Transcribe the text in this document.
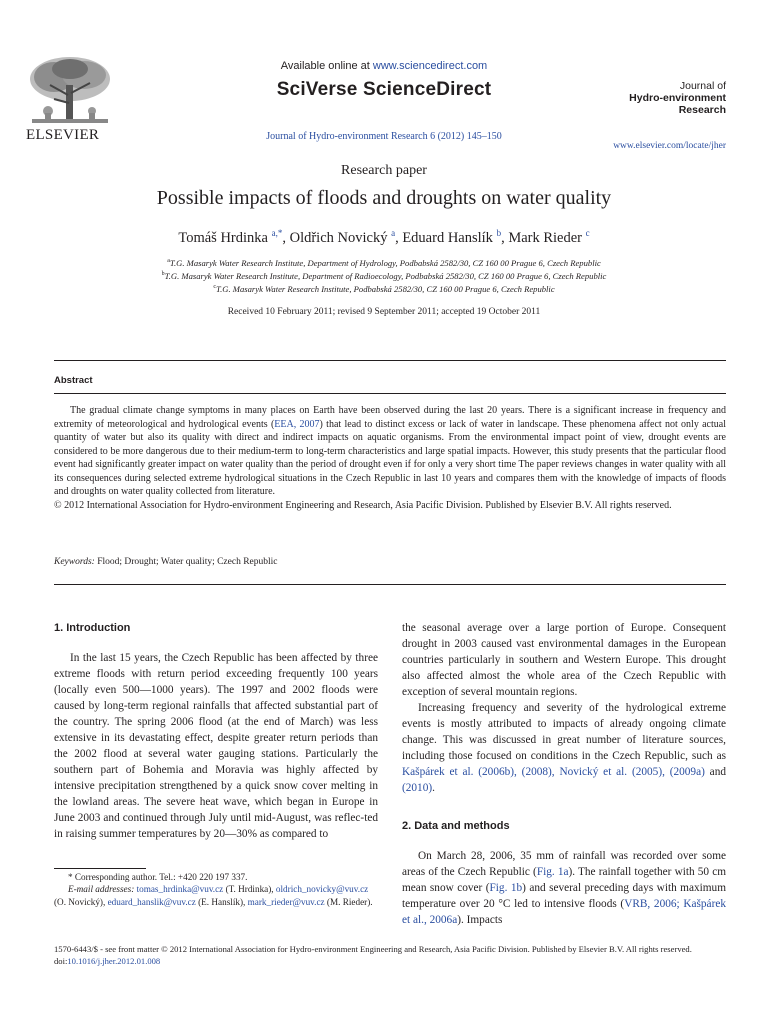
ELSEVIER
Available online at www.sciencedirect.com
SciVerse ScienceDirect
Journal of Hydro-environment Research 6 (2012) 145–150
Journal of
Hydro-environment
Research
www.elsevier.com/locate/jher
Research paper
Possible impacts of floods and droughts on water quality
Tomáš Hrdinka $^{a,*}$, Oldřich Novický $^a$, Eduard Hanslík $^b$, Mark Rieder $^c$
$^a$T.G. Masaryk Water Research Institute, Department of Hydrology, Podbabská 2582/30, CZ 160 00 Prague 6, Czech Republic
$^b$T.G. Masaryk Water Research Institute, Department of Radioecology, Podbabská 2582/30, CZ 160 00 Prague 6, Czech Republic
$^c$T.G. Masaryk Water Research Institute, Podbabská 2582/30, CZ 160 00 Prague 6, Czech Republic
Received 10 February 2011; revised 9 September 2011; accepted 19 October 2011
Abstract

The gradual climate change symptoms in many places on Earth have been observed during the last 20 years. There is a significant increase in frequency and extremity of meteorological and hydrological events (EEA, 2007) that lead to distinct excess or lack of water in landscape. These phenomena affect not only actual quantity of water but also its quality with direct and indirect impacts on aquatic organisms. From the environmental impact point of view, drought events are considered to be more dangerous due to their medium-term to long-term characteristics and large spatial impacts. However, this study presents that the particular flood event had significantly greater impact on water quality than the period of drought even if for only a very short time The paper reviews changes in water quality with all its consequences during selected extreme hydrological situations in the Czech Republic in last 10 years and compares them with the knowledge of impacts of floods and droughts on water quality collected from literature.

© 2012 International Association for Hydro-environment Engineering and Research, Asia Pacific Division. Published by Elsevier B.V. All rights reserved.

Keywords: Flood; Drought; Water quality; Czech Republic
1. Introduction

In the last 15 years, the Czech Republic has been affected by three extreme floods with return period exceeding frequently 100 years (locally even 500—1000 years). The 1997 and 2002 floods were caused by long-term regional rainfalls that affected substantial part of the country. The spring 2006 flood (at the end of March) was less extensive in its devastating effect, despite greater return periods than the 2002 flood at several water gauging stations. Particularly the southern part of Bohemia and Moravia was highly affected by intensive precipitation strengthened by a quick snow cover melting in the lowland areas. The severe heat wave, which began in Europe in June 2003 and continued through July until mid-August, was reflec-ted in raising summer temperatures by 20—30% as compared to

* Corresponding author. Tel.: +420 220 197 337.

E-mail addresses: tomas_hrdinka@vuv.cz (T. Hrdinka), oldrich_novicky@vuv.cz (O. Novický), eduard_hanslik@vuv.cz (E. Hanslík), mark_rieder@vuv.cz (M. Rieder).

the seasonal average over a large portion of Europe. Consequent drought in 2003 caused vast environmental damages in the European countries particularly in southern and Western Europe. This drought also affected almost the whole area of the Czech Republic with exception of several mountain regions.

Increasing frequency and severity of the hydrological extreme events is mostly attributed to impacts of already ongoing climate change. This was discussed in great number of literature sources, including those focused on conditions in the Czech Republic, such as Kašpárek et al. (2006b), (2008), Novický et al. (2005), (2009a) and (2010).

2. Data and methods

On March 28, 2006, 35 mm of rainfall was recorded over some areas of the Czech Republic (Fig. 1a). The rainfall together with 50 cm mean snow cover (Fig. 1b) and several preceding days with maximum temperature over 20 °C led to intensive floods (VRB, 2006; Kašpárek et al., 2006a). Impacts

1570-6443/$ - see front matter © 2012 International Association for Hydro-environment Engineering and Research, Asia Pacific Division. Published by Elsevier B.V. All rights reserved.
doi:10.1016/j.jher.2012.01.008
